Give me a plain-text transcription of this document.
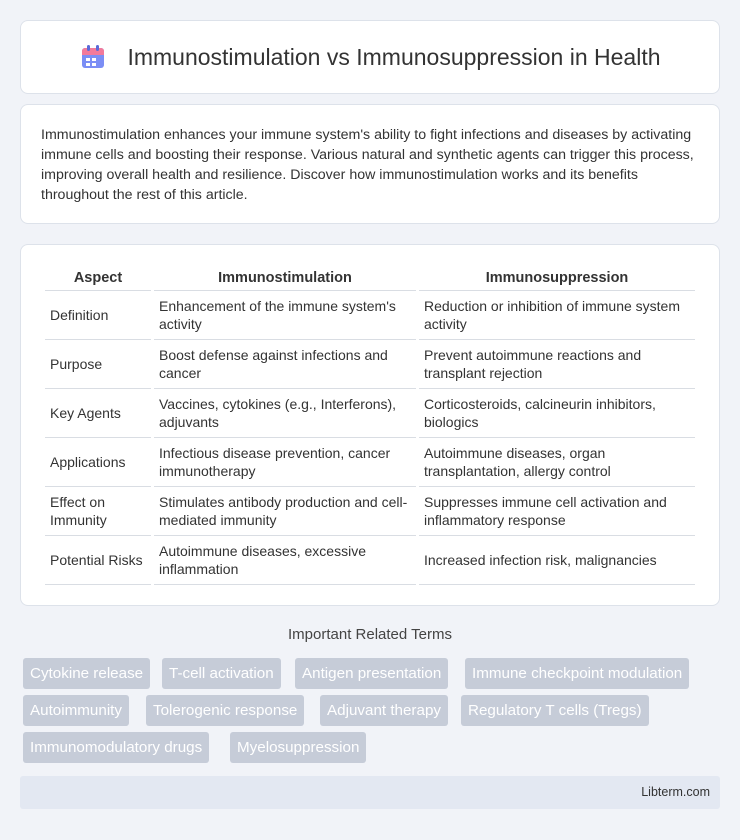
Immunostimulation vs Immunosuppression in Health

Immunostimulation enhances your immune system's ability to fight infections and diseases by activating immune cells and boosting their response. Various natural and synthetic agents can trigger this process, improving overall health and resilience. Discover how immunostimulation works and its benefits throughout the rest of this article.

Aspect	Immunostimulation	Immunosuppression
Definition	Enhancement of the immune system's activity	Reduction or inhibition of immune system activity
Purpose	Boost defense against infections and cancer	Prevent autoimmune reactions and transplant rejection
Key Agents	Vaccines, cytokines (e.g., Interferons), adjuvants	Corticosteroids, calcineurin inhibitors, biologics
Applications	Infectious disease prevention, cancer immunotherapy	Autoimmune diseases, organ transplantation, allergy control
Effect on Immunity	Stimulates antibody production and cell-mediated immunity	Suppresses immune cell activation and inflammatory response
Potential Risks	Autoimmune diseases, excessive inflammation	Increased infection risk, malignancies
Important Related Terms
Cytokine release	T-cell activation	Antigen presentation	Immune checkpoint modulation
Autoimmunity	Tolerogenic response	Adjuvant therapy	Regulatory T cells (Tregs)
Immunomodulatory drugs	Myelosuppression
Libterm.com
